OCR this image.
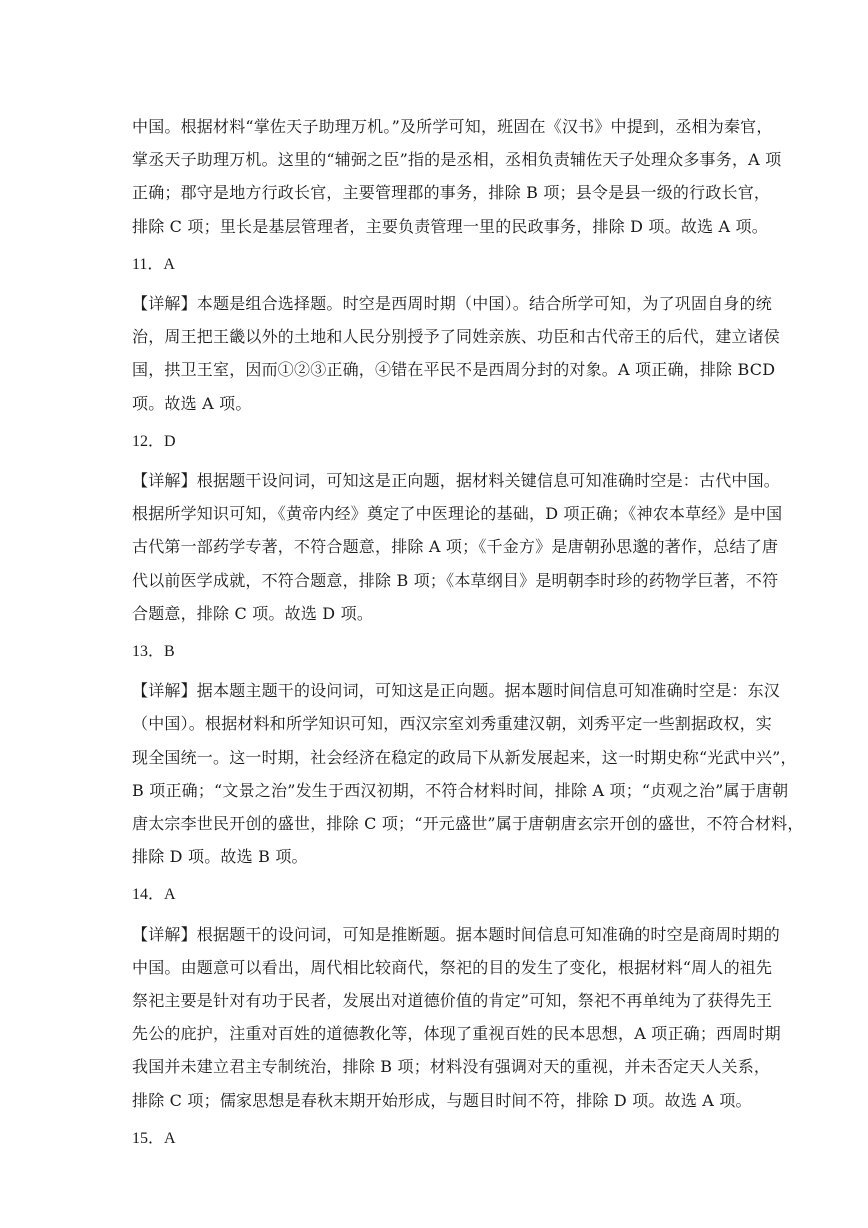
中国。根据材料“掌佐天子助理万机。”及所学可知，班固在《汉书》中提到，丞相为秦官，
掌丞天子助理万机。这里的“辅弼之臣”指的是丞相，丞相负责辅佐天子处理众多事务，A 项
正确；郡守是地方行政长官，主要管理郡的事务，排除 B 项；县令是县一级的行政长官，
排除 C 项；里长是基层管理者，主要负责管理一里的民政事务，排除 D 项。故选 A 项。
11．A
【详解】本题是组合选择题。时空是西周时期（中国）。结合所学可知，为了巩固自身的统
治，周王把王畿以外的土地和人民分别授予了同姓亲族、功臣和古代帝王的后代，建立诸侯
国，拱卫王室，因而①②③正确，④错在平民不是西周分封的对象。A 项正确，排除 BCD
项。故选 A 项。
12．D
【详解】根据题干设问词，可知这是正向题，据材料关键信息可知准确时空是：古代中国。
根据所学知识可知，《黄帝内经》奠定了中医理论的基础，D 项正确；《神农本草经》是中国
古代第一部药学专著，不符合题意，排除 A 项；《千金方》是唐朝孙思邈的著作，总结了唐
代以前医学成就，不符合题意，排除 B 项；《本草纲目》是明朝李时珍的药物学巨著，不符
合题意，排除 C 项。故选 D 项。
13．B
【详解】据本题主题干的设问词，可知这是正向题。据本题时间信息可知准确时空是：东汉
（中国）。根据材料和所学知识可知，西汉宗室刘秀重建汉朝，刘秀平定一些割据政权，实
现全国统一。这一时期，社会经济在稳定的政局下从新发展起来，这一时期史称“光武中兴”，
B 项正确；“文景之治”发生于西汉初期，不符合材料时间，排除 A 项；“贞观之治”属于唐朝
唐太宗李世民开创的盛世，排除 C 项；“开元盛世”属于唐朝唐玄宗开创的盛世，不符合材料，
排除 D 项。故选 B 项。
14．A
【详解】根据题干的设问词，可知是推断题。据本题时间信息可知准确的时空是商周时期的
中国。由题意可以看出，周代相比较商代，祭祀的目的发生了变化，根据材料“周人的祖先
祭祀主要是针对有功于民者，发展出对道德价值的肯定”可知，祭祀不再单纯为了获得先王
先公的庇护，注重对百姓的道德教化等，体现了重视百姓的民本思想，A 项正确；西周时期
我国并未建立君主专制统治，排除 B 项；材料没有强调对天的重视，并未否定天人关系，
排除 C 项；儒家思想是春秋末期开始形成，与题目时间不符，排除 D 项。故选 A 项。
15．A
